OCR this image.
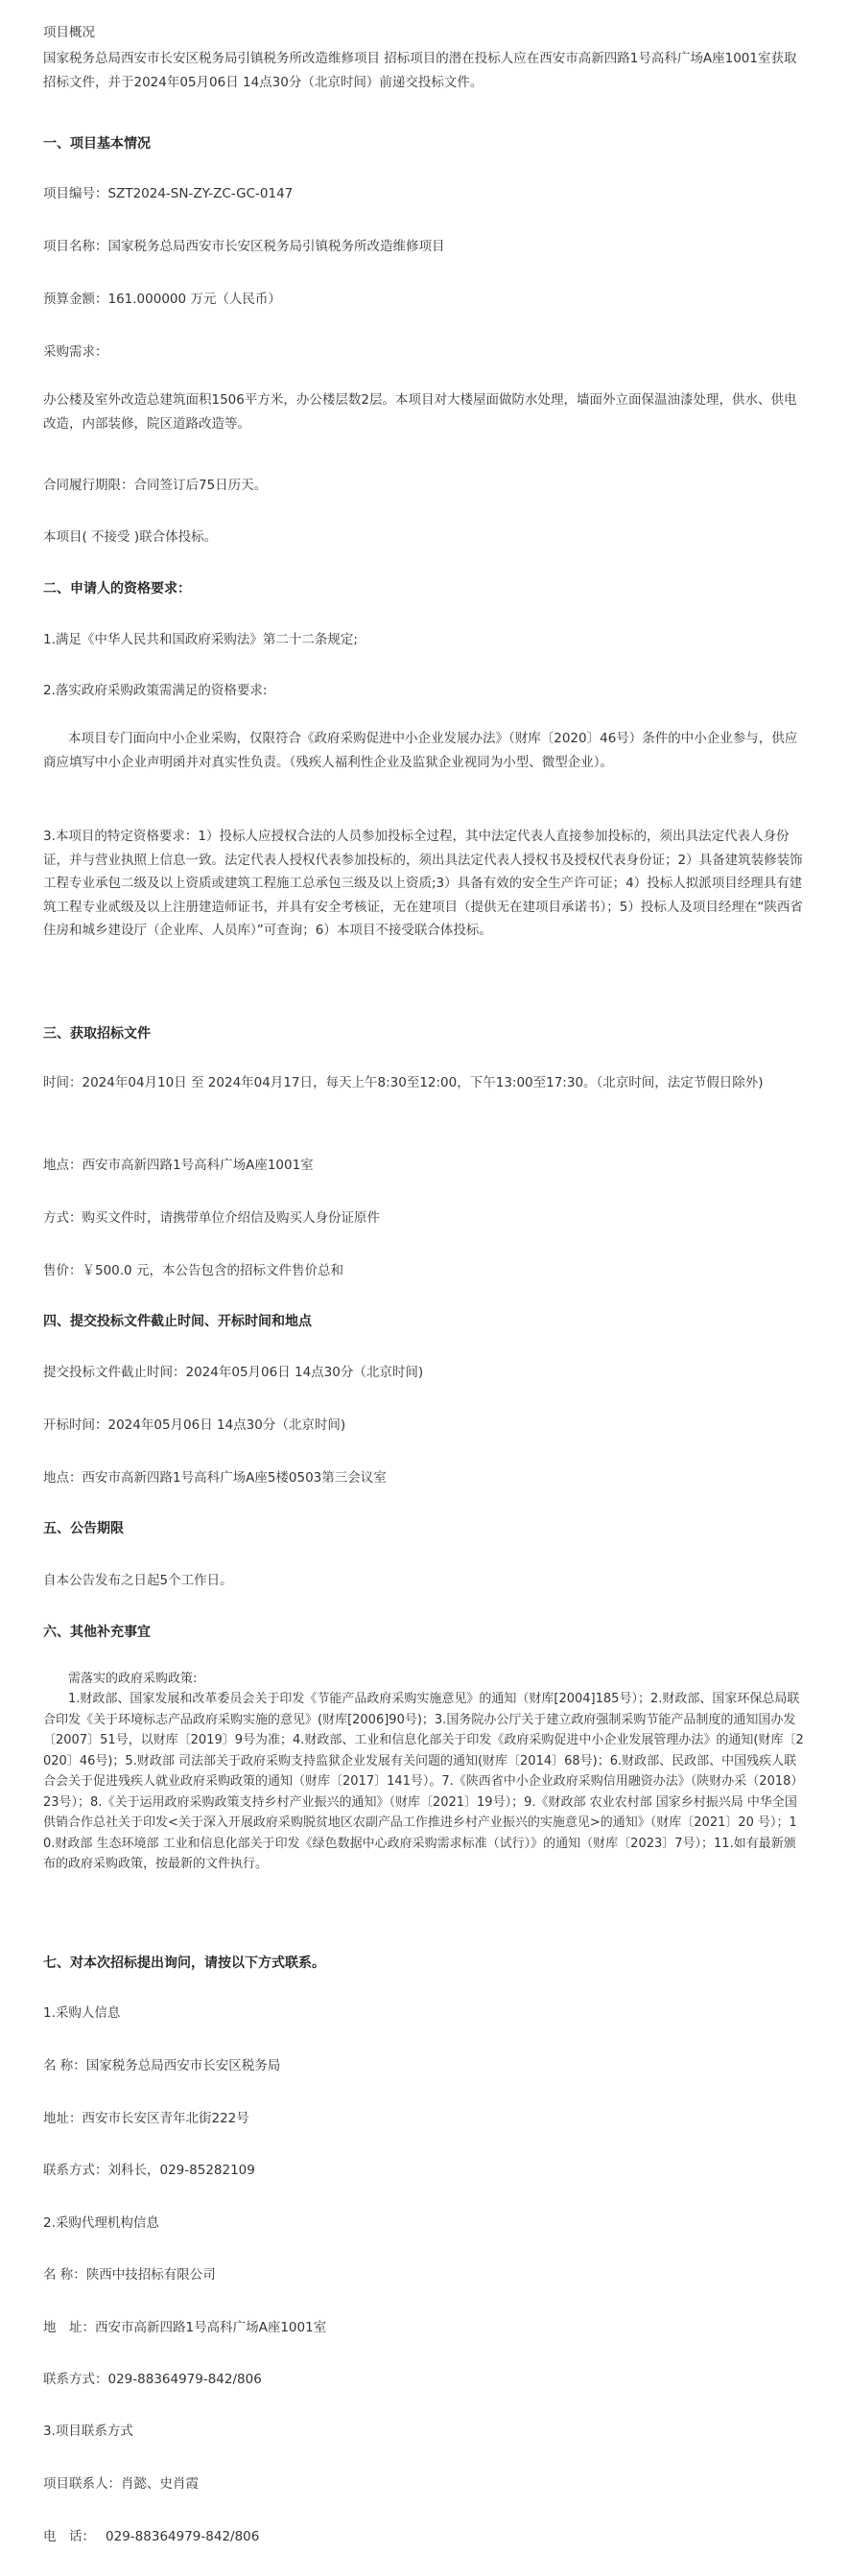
项目概况
国家税务总局西安市长安区税务局引镇税务所改造维修项目 招标项目的潜在投标人应在西安市高新四路1号高科广场A座1001室获取招标文件，并于2024年05月06日 14点30分（北京时间）前递交投标文件。
一、项目基本情况
项目编号：SZT2024-SN-ZY-ZC-GC-0147
项目名称：国家税务总局西安市长安区税务局引镇税务所改造维修项目
预算金额：161.000000 万元（人民币）
采购需求：
办公楼及室外改造总建筑面积1506平方米，办公楼层数2层。本项目对大楼屋面做防水处理，墙面外立面保温油漆处理，供水、供电改造，内部装修，院区道路改造等。
合同履行期限：合同签订后75日历天。
本项目( 不接受 )联合体投标。
二、申请人的资格要求：
1.满足《中华人民共和国政府采购法》第二十二条规定;
2.落实政府采购政策需满足的资格要求:
本项目专门面向中小企业采购，仅限符合《政府采购促进中小企业发展办法》（财库〔2020〕46号）条件的中小企业参与，供应商应填写中小企业声明函并对真实性负责。（残疾人福利性企业及监狱企业视同为小型、微型企业）。
3.本项目的特定资格要求：1）投标人应授权合法的人员参加投标全过程，其中法定代表人直接参加投标的，须出具法定代表人身份证，并与营业执照上信息一致。法定代表人授权代表参加投标的，须出具法定代表人授权书及授权代表身份证；2）具备建筑装修装饰工程专业承包二级及以上资质或建筑工程施工总承包三级及以上资质;3）具备有效的安全生产许可证；4）投标人拟派项目经理具有建筑工程专业贰级及以上注册建造师证书，并具有安全考核证，无在建项目（提供无在建项目承诺书）；5）投标人及项目经理在“陕西省住房和城乡建设厅（企业库、人员库）”可查询；6）本项目不接受联合体投标。
三、获取招标文件
时间：2024年04月10日 至 2024年04月17日，每天上午8:30至12:00，下午13:00至17:30。（北京时间，法定节假日除外)
地点：西安市高新四路1号高科广场A座1001室
方式：购买文件时，请携带单位介绍信及购买人身份证原件
售价：￥500.0 元，本公告包含的招标文件售价总和
四、提交投标文件截止时间、开标时间和地点
提交投标文件截止时间：2024年05月06日 14点30分（北京时间)
开标时间：2024年05月06日 14点30分（北京时间)
地点：西安市高新四路1号高科广场A座5楼0503第三会议室
五、公告期限
自本公告发布之日起5个工作日。
六、其他补充事宜
需落实的政府采购政策:
1.财政部、国家发展和改革委员会关于印发《节能产品政府采购实施意见》的通知（财库[2004]185号）；2.财政部、国家环保总局联合印发《关于环境标志产品政府采购实施的意见》(财库[2006]90号)；3.国务院办公厅关于建立政府强制采购节能产品制度的通知国办发〔2007〕51号，以财库〔2019〕9号为准；4.财政部、工业和信息化部关于印发《政府采购促进中小企业发展管理办法》的通知(财库〔2020〕46号)；5.财政部 司法部关于政府采购支持监狱企业发展有关问题的通知(财库〔2014〕68号)；6.财政部、民政部、中国残疾人联合会关于促进残疾人就业政府采购政策的通知（财库〔2017〕141号）。7.《陕西省中小企业政府采购信用融资办法》（陕财办采（2018）23号）；8.《关于运用政府采购政策支持乡村产业振兴的通知》（财库〔2021〕19号）；9.《财政部 农业农村部 国家乡村振兴局 中华全国供销合作总社关于印发<关于深入开展政府采购脱贫地区农副产品工作推进乡村产业振兴的实施意见>的通知》（财库〔2021〕20 号）；10.财政部 生态环境部 工业和信息化部关于印发《绿色数据中心政府采购需求标准（试行）》的通知（财库〔2023〕7号）；11.如有最新颁布的政府采购政策，按最新的文件执行。
七、对本次招标提出询问，请按以下方式联系。
1.采购人信息
名 称：国家税务总局西安市长安区税务局
地址：西安市长安区青年北街222号
联系方式：刘科长，029-85282109
2.采购代理机构信息
名 称：陕西中技招标有限公司
地　址：西安市高新四路1号高科广场A座1001室
联系方式：029-88364979-842/806
3.项目联系方式
项目联系人：肖懿、史肖霞
电　话：　 029-88364979-842/806
